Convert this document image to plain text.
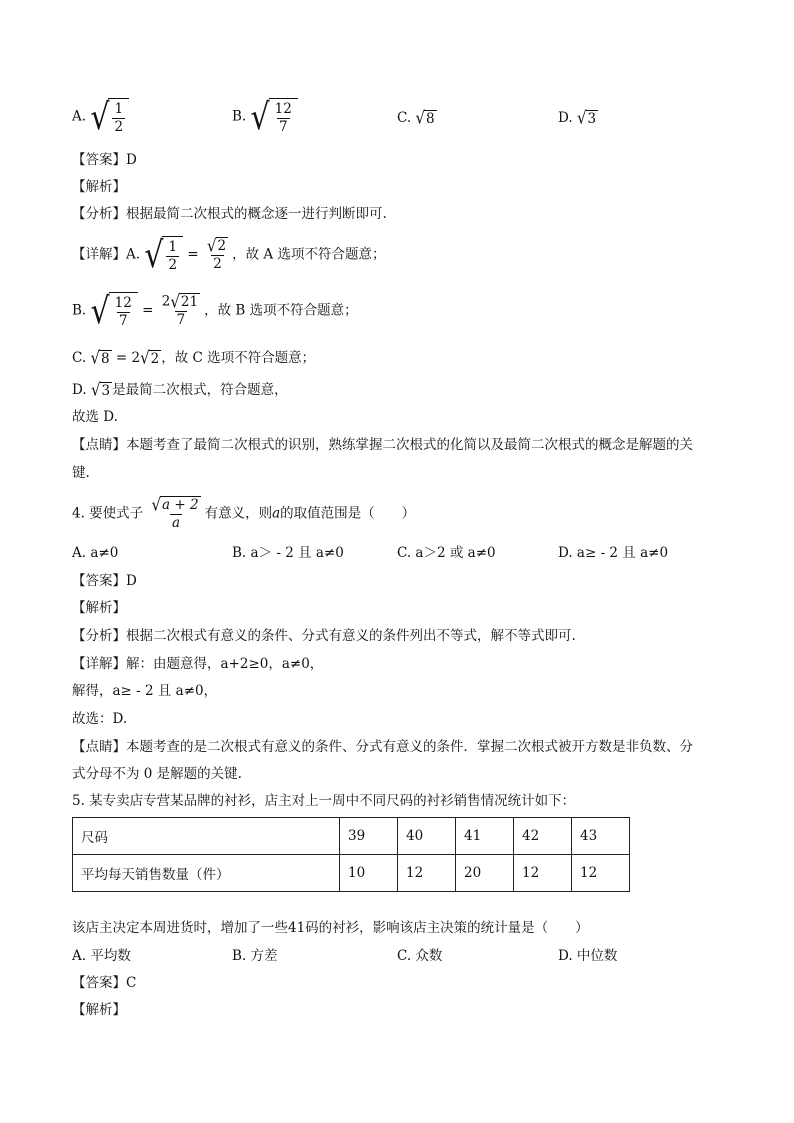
A. √ $\frac{1}{2}$	B. √ $\frac{12}{7}$	C. √ 8	D. √ 3
【答案】D
【解析】
【分析】根据最简二次根式的概念逐一进行判断即可.
【详解】A. √ $\frac{1}{2} = \frac{√ 2}{2}$ ，故 A 选项不符合题意；
B. √ $\frac{12}{7} = \frac{2 √ 21}{7}$ ，故 B 选项不符合题意；
C. √ 8 = 2 √ 2 ，故 C 选项不符合题意；
D. √ 3 是最简二次根式，符合题意，
故选 D.
【点睛】本题考查了最简二次根式的识别，熟练掌握二次根式的化简以及最简二次根式的概念是解题的关
键.
4. 要使式子 $\frac{√ a + 2}{a}$ 有意义，则a的取值范围是（　　）
A. a≠0	B. a＞ - 2 且 a≠0	C. a＞2 或 a≠0	D. a≥ - 2 且 a≠0
【答案】D
【解析】
【分析】根据二次根式有意义的条件、分式有意义的条件列出不等式，解不等式即可.
【详解】解：由题意得，a+2≥0，a≠0，
解得，a≥ - 2 且 a≠0，
故选：D.
【点睛】本题考查的是二次根式有意义的条件、分式有意义的条件．掌握二次根式被开方数是非负数、分
式分母不为 0 是解题的关键.
5. 某专卖店专营某品牌的衬衫，店主对上一周中不同尺码的衬衫销售情况统计如下：
尺码	39	40	41	42	43
平均每天销售数量（件）	10	12	20	12	12
该店主决定本周进货时，增加了一些41码的衬衫，影响该店主决策的统计量是（　　）
A. 平均数	B. 方差	C. 众数	D. 中位数
【答案】C
【解析】
